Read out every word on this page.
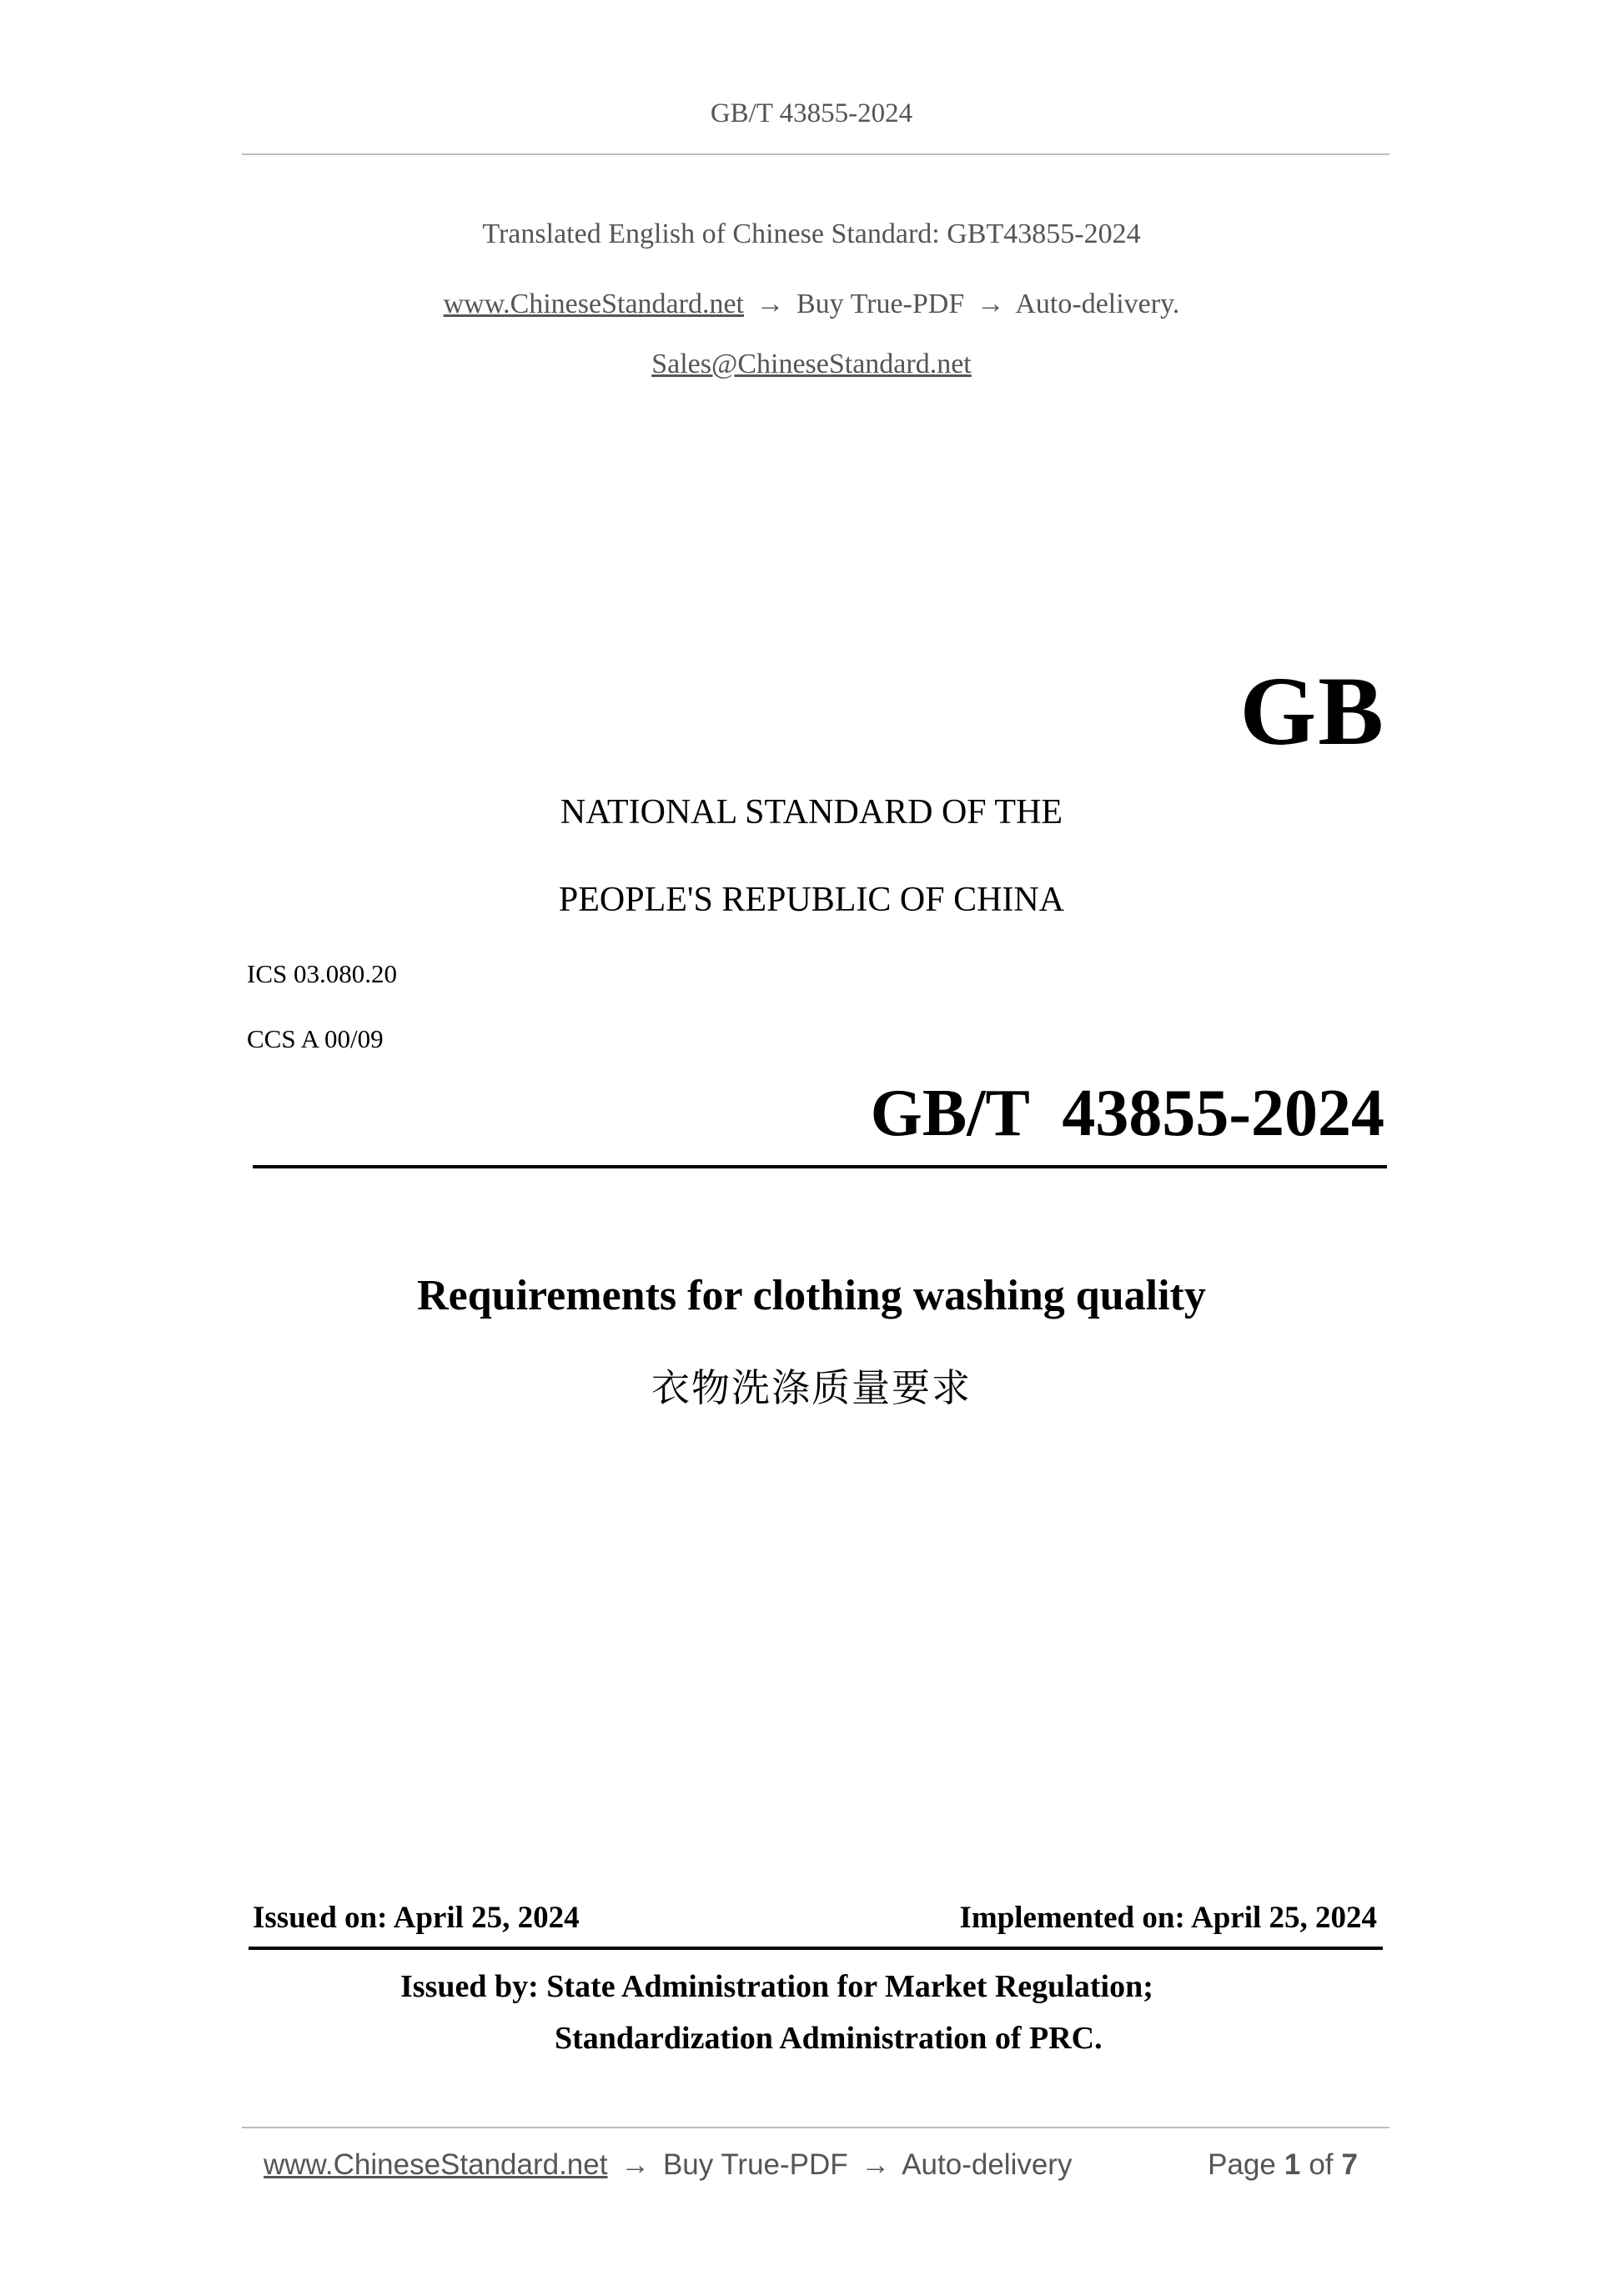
GB/T 43855-2024
Translated English of Chinese Standard: GBT43855-2024
www.ChineseStandard.net → Buy True-PDF → Auto-delivery.
Sales@ChineseStandard.net
GB
NATIONAL STANDARD OF THE
PEOPLE'S REPUBLIC OF CHINA
ICS 03.080.20
CCS A 00/09
GB/T  43855-2024
Requirements for clothing washing quality
衣物洗涤质量要求
Issued on: April 25, 2024	Implemented on: April 25, 2024
Issued by: State Administration for Market Regulation;
Standardization Administration of PRC.
www.ChineseStandard.net → Buy True-PDF → Auto-delivery	Page 1 of 7
